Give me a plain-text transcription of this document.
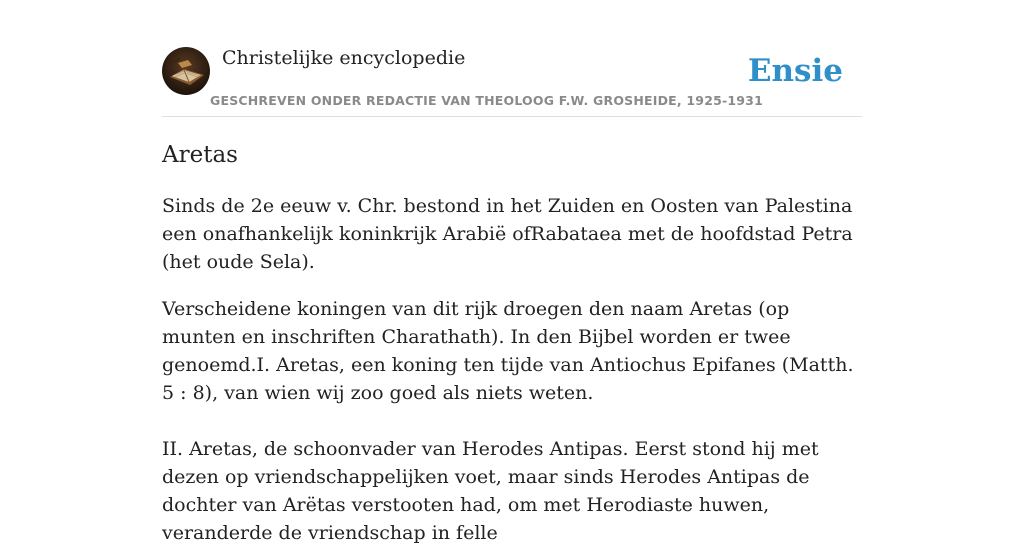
Christelijke encyclopedie
GESCHREVEN ONDER REDACTIE VAN THEOLOOG F.W. GROSHEIDE, 1925-1931
Ensie
Aretas

Sinds de 2e eeuw v. Chr. bestond in het Zuiden en Oosten van Palestina een onafhankelijk koninkrijk Arabië ofRabataea met de hoofdstad Petra (het oude Sela).

Verscheidene koningen van dit rijk droegen den naam Aretas (op munten en inschriften Charathath). In den Bijbel worden er twee genoemd.I. Aretas, een koning ten tijde van Antiochus Epifanes (Matth. 5 : 8), van wien wij zoo goed als niets weten.

II. Aretas, de schoonvader van Herodes Antipas. Eerst stond hij met dezen op vriendschappelijken voet, maar sinds Herodes Antipas de dochter van Arëtas verstooten had, om met Herodiaste huwen, veranderde de vriendschap in felle
